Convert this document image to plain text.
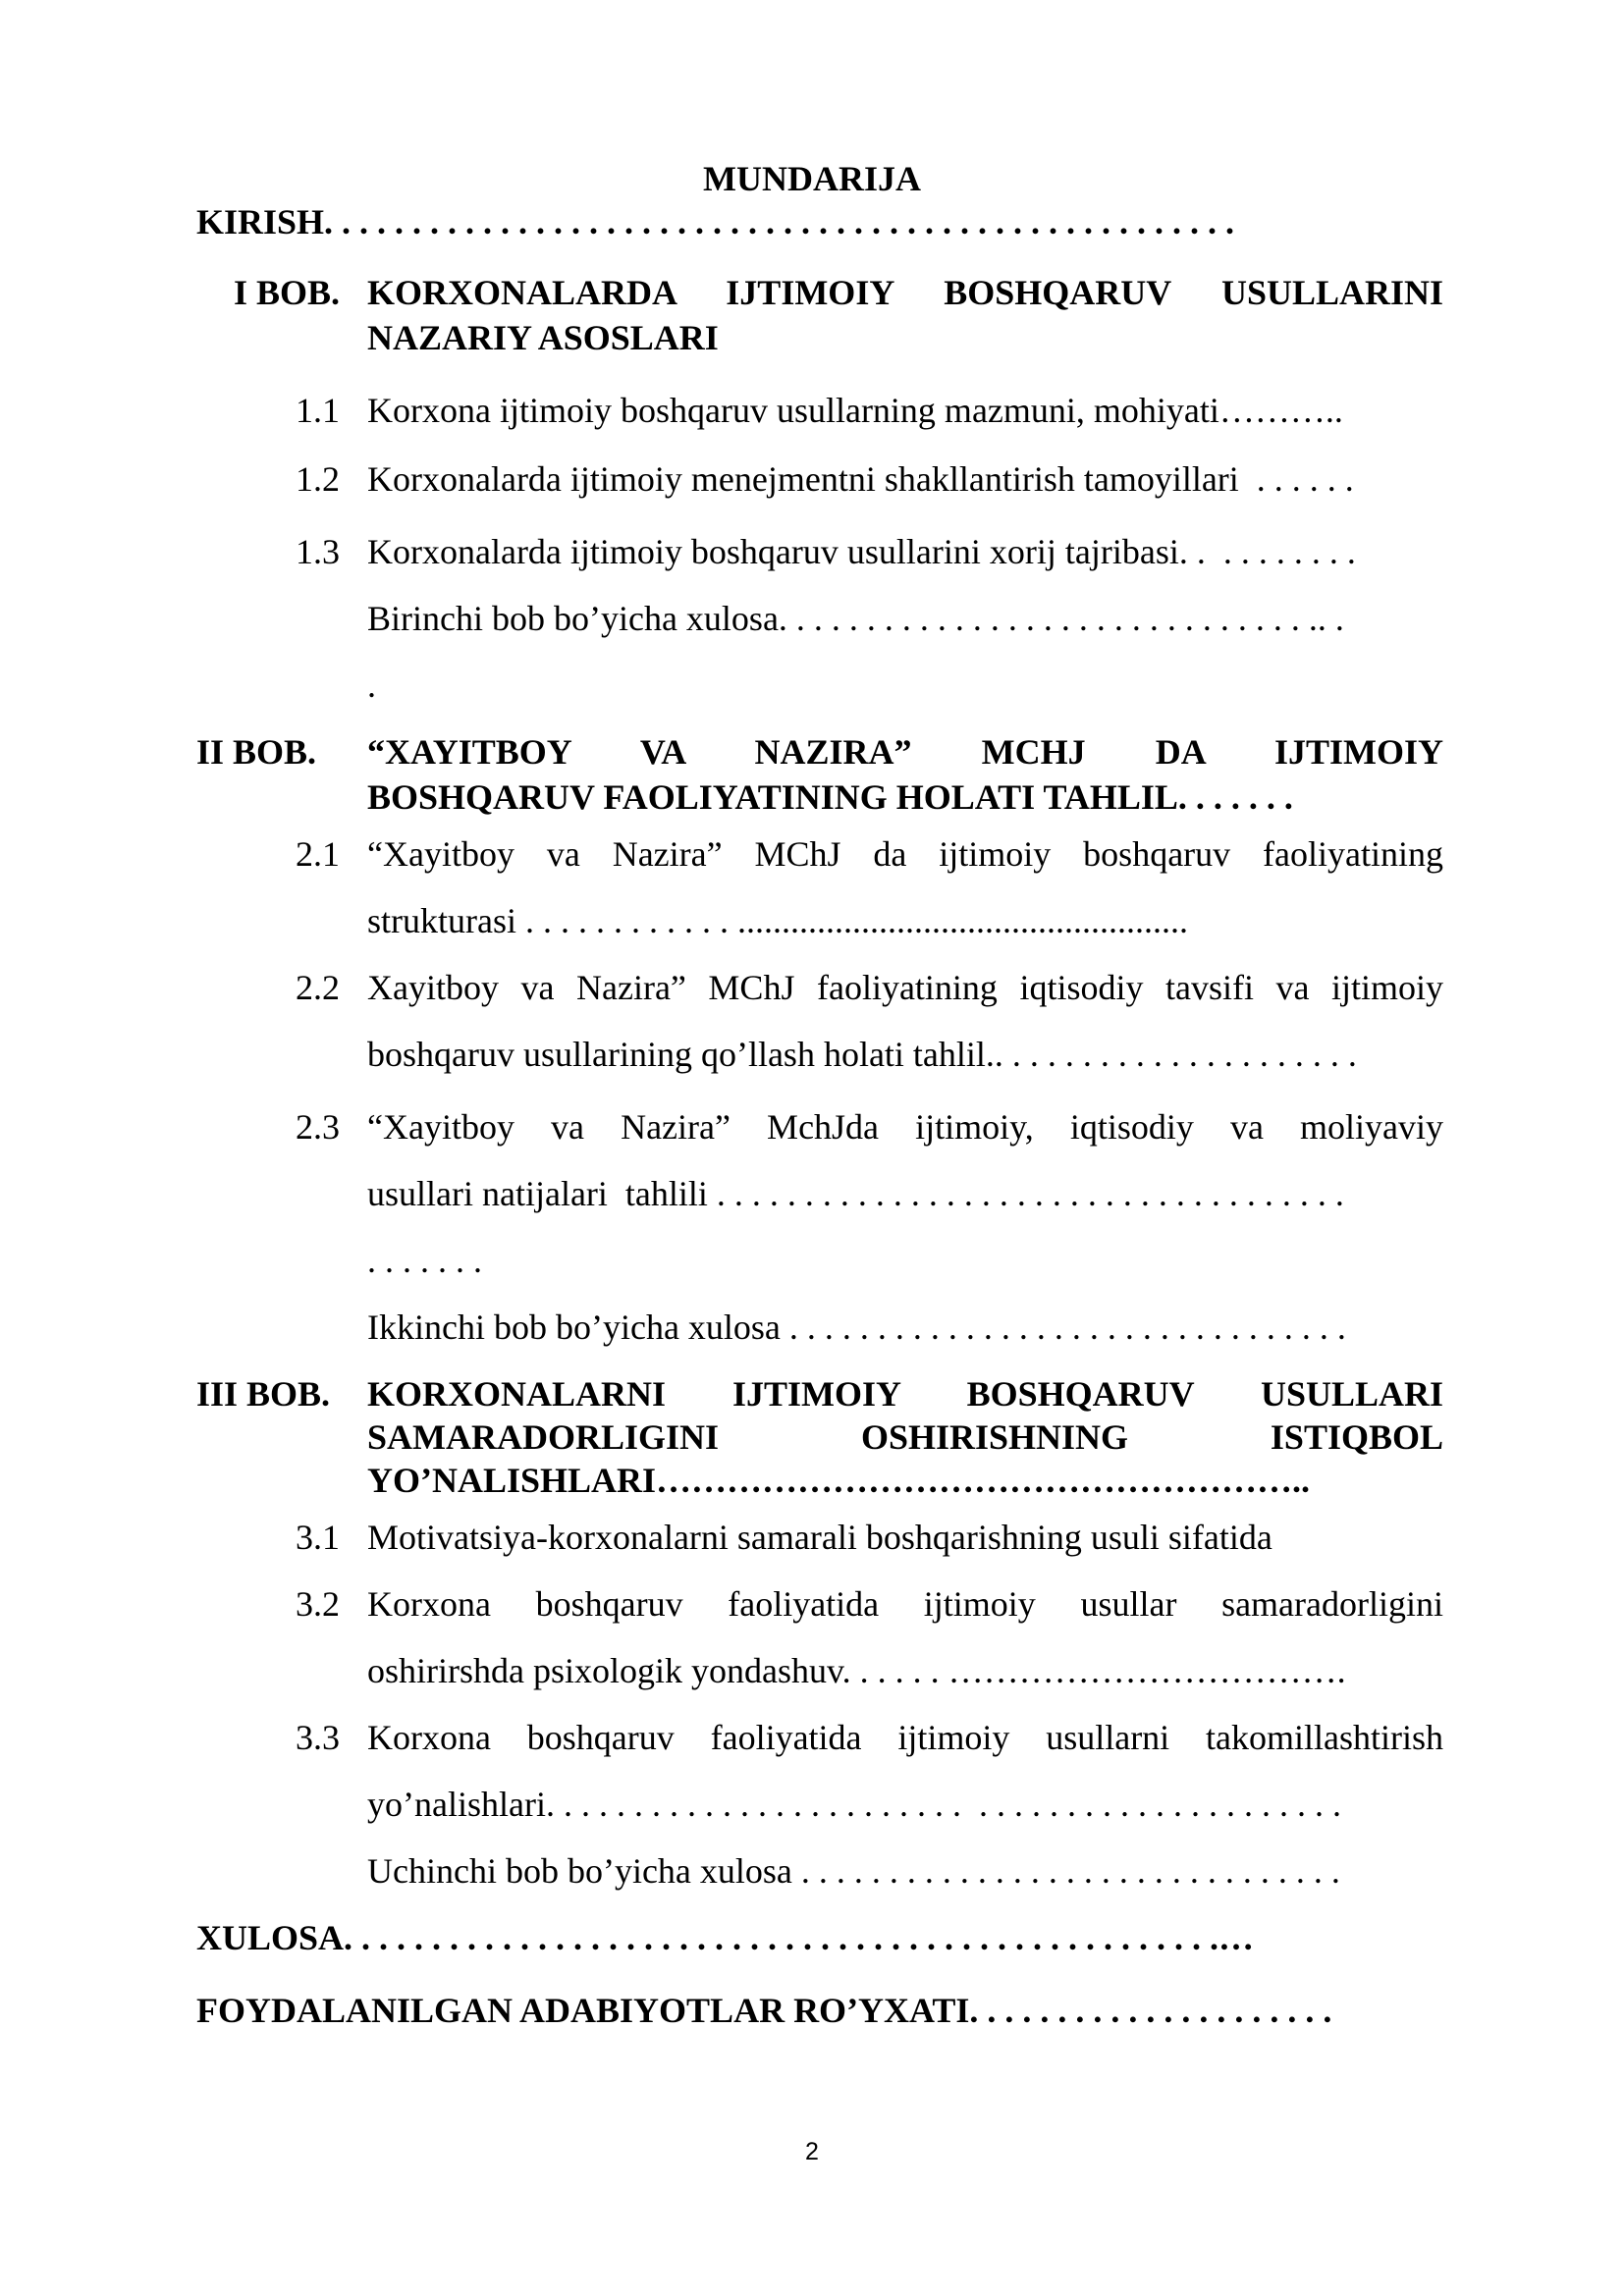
MUNDARIJA
KIRISH. . . . . . . . . . . . . . . . . . . . . . . . . . . . . . . . . . . . . . . . . . . . . . . . . . . .
I BOB. KORXONALARDA IJTIMOIY BOSHQARUV USULLARINI
NAZARIY ASOSLARI
1.1 Korxona ijtimoiy boshqaruv usullarning mazmuni, mohiyati………..
1.2 Korxonalarda ijtimoiy menejmentni shakllantirish tamoyillari  . . . . . .
1.3 Korxonalarda ijtimoiy boshqaruv usullarini xorij tajribasi. .  . . . . . . . .
Birinchi bob bo’yicha xulosa. . . . . . . . . . . . . . . . . . . . . . . . . . . . . . .. .
.
II BOB. “XAYITBOY VA NAZIRA” MCHJ DA IJTIMOIY
BOSHQARUV FAOLIYATINING HOLATI TAHLIL. . . . . . .
2.1 “Xayitboy va Nazira” MChJ da ijtimoiy boshqaruv faoliyatining
strukturasi . . . . . . . . . . . . ...................................................
2.2 Xayitboy va Nazira” MChJ faoliyatining iqtisodiy tavsifi va ijtimoiy
boshqaruv usullarining qo’llash holati tahlil.. . . . . . . . . . . . . . . . . . . . .
2.3 “Xayitboy va Nazira” MchJda ijtimoiy, iqtisodiy va moliyaviy
usullari natijalari  tahlili . . . . . . . . . . . . . . . . . . . . . . . . . . . . . . . . . . . .
. . . . . . .
Ikkinchi bob bo’yicha xulosa . . . . . . . . . . . . . . . . . . . . . . . . . . . . . . . .
III BOB. KORXONALARNI IJTIMOIY BOSHQARUV USULLARI
SAMARADORLIGINI OSHIRISHNING ISTIQBOL
YO’NALISHLARI………………………………………………..
3.1 Motivatsiya-korxonalarni samarali boshqarishning usuli sifatida
3.2 Korxona boshqaruv faoliyatida ijtimoiy usullar samaradorligini
oshirirshda psixologik yondashuv. . . . . . …………………………….
3.3 Korxona boshqaruv faoliyatida ijtimoiy usullarni takomillashtirish
yo’nalishlari. . . . . . . . . . . . . . . . . . . . . . . .  . . . . . . . . . . . . . . . . . . . . .
Uchinchi bob bo’yicha xulosa . . . . . . . . . . . . . . . . . . . . . . . . . . . . . . .
XULOSA. . . . . . . . . . . . . . . . . . . . . . . . . . . . . . . . . . . . . . . . . . . . . . . . . .…
FOYDALANILGAN ADABIYOTLAR RO’YXATI. . . . . . . . . . . . . . . . . . . . .
2
